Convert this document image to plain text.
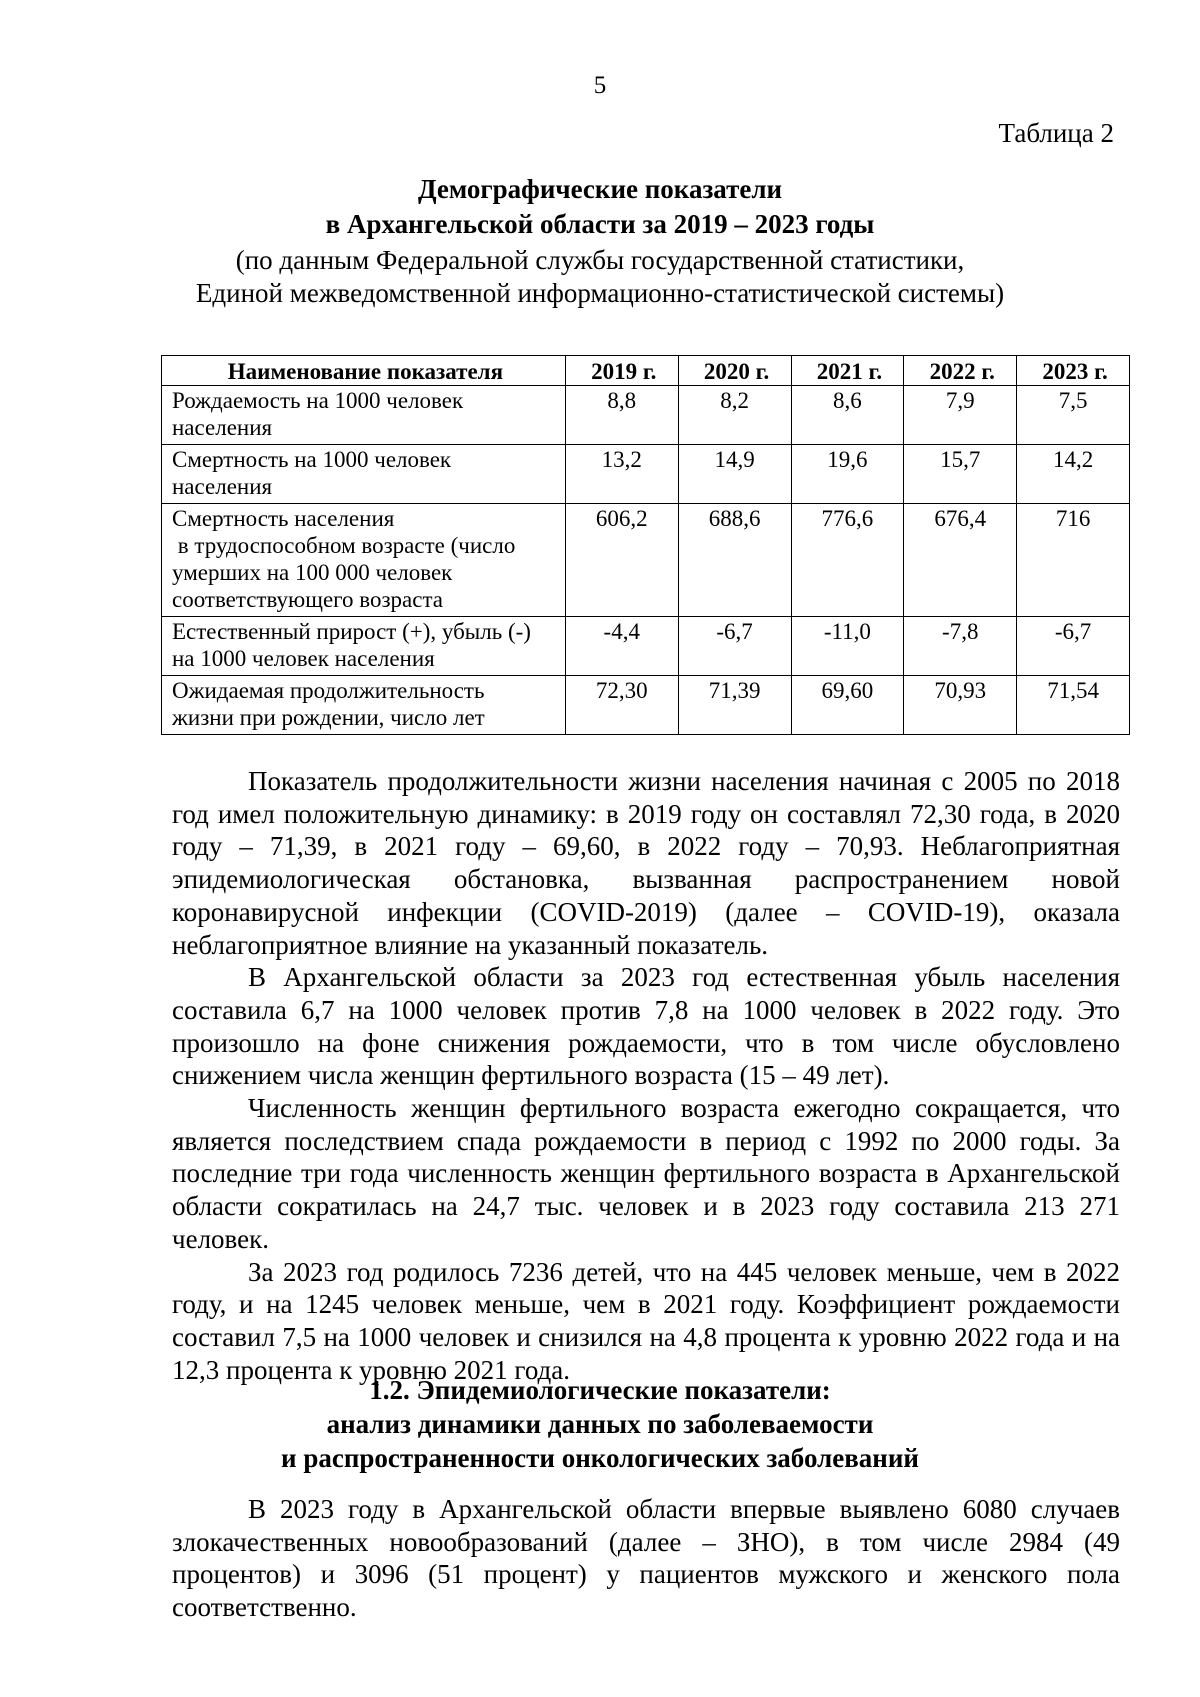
5
Таблица 2
Демографические показатели
в Архангельской области за 2019 – 2023 годы
(по данным Федеральной службы государственной статистики,
Единой межведомственной информационно-статистической системы)
Наименование показателя	2019 г.	2020 г.	2021 г.	2022 г.	2023 г.

Рождаемость на 1000 человек
населения	8,8	8,2	8,6	7,9	7,5

Смертность на 1000 человек
населения	13,2	14,9	19,6	15,7	14,2

Смертность населения
в трудоспособном возрасте (число
умерших на 100 000 человек
соответствующего возраста	606,2	688,6	776,6	676,4	716

Естественный прирост (+), убыль (-)
на 1000 человек населения	-4,4	-6,7	-11,0	-7,8	-6,7

Ожидаемая продолжительность
жизни при рождении, число лет	72,30	71,39	69,60	70,93	71,54

Показатель продолжительности жизни населения начиная с 2005 по 2018 год имел положительную динамику: в 2019 году он составлял 72,30 года, в 2020 году – 71,39, в 2021 году – 69,60, в 2022 году – 70,93. Неблагоприятная эпидемиологическая обстановка, вызванная распространением новой коронавирусной инфекции (COVID-2019) (далее – COVID-19), оказала неблагоприятное влияние на указанный показатель.

В Архангельской области за 2023 год естественная убыль населения составила 6,7 на 1000 человек против 7,8 на 1000 человек в 2022 году. Это произошло на фоне снижения рождаемости, что в том числе обусловлено снижением числа женщин фертильного возраста (15 – 49 лет).

Численность женщин фертильного возраста ежегодно сокращается, что является последствием спада рождаемости в период с 1992 по 2000 годы. За последние три года численность женщин фертильного возраста в Архангельской области сократилась на 24,7 тыс. человек и в 2023 году составила 213 271 человек.

За 2023 год родилось 7236 детей, что на 445 человек меньше, чем в 2022 году, и на 1245 человек меньше, чем в 2021 году. Коэффициент рождаемости составил 7,5 на 1000 человек и снизился на 4,8 процента к уровню 2022 года и на 12,3 процента к уровню 2021 года.

1.2. Эпидемиологические показатели:
анализ динамики данных по заболеваемости
и распространенности онкологических заболеваний

В 2023 году в Архангельской области впервые выявлено 6080 случаев злокачественных новообразований (далее – ЗНО), в том числе 2984 (49 процентов) и 3096 (51 процент) у пациентов мужского и женского пола соответственно.
